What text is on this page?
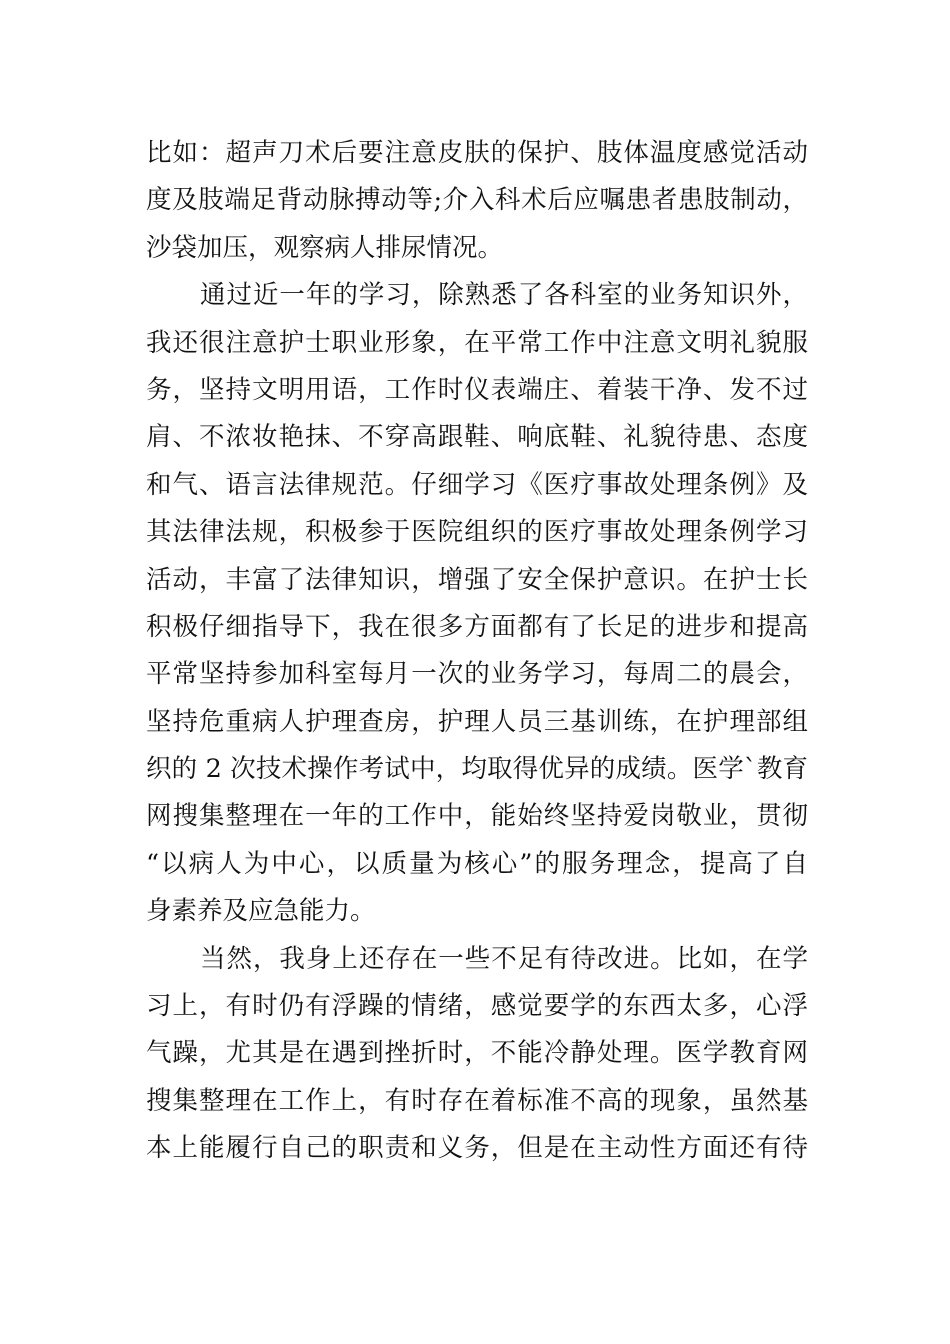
比如：超声刀术后要注意皮肤的保护、肢体温度感觉活动
度及肢端足背动脉搏动等;介入科术后应嘱患者患肢制动，
沙袋加压，观察病人排尿情况。
通过近一年的学习，除熟悉了各科室的业务知识外，
我还很注意护士职业形象，在平常工作中注意文明礼貌服
务，坚持文明用语，工作时仪表端庄、着装干净、发不过
肩、不浓妆艳抹、不穿高跟鞋、响底鞋、礼貌待患、态度
和气、语言法律规范。仔细学习《医疗事故处理条例》及
其法律法规，积极参于医院组织的医疗事故处理条例学习
活动，丰富了法律知识，增强了安全保护意识。在护士长
积极仔细指导下，我在很多方面都有了长足的进步和提高
平常坚持参加科室每月一次的业务学习，每周二的晨会，
坚持危重病人护理查房，护理人员三基训练，在护理部组
织的 2 次技术操作考试中，均取得优异的成绩。医学`教育
网搜集整理在一年的工作中，能始终坚持爱岗敬业，贯彻
“以病人为中心，以质量为核心”的服务理念，提高了自
身素养及应急能力。
当然，我身上还存在一些不足有待改进。比如，在学
习上，有时仍有浮躁的情绪，感觉要学的东西太多，心浮
气躁，尤其是在遇到挫折时，不能冷静处理。医学教育网
搜集整理在工作上，有时存在着标准不高的现象，虽然基
本上能履行自己的职责和义务，但是在主动性方面还有待
